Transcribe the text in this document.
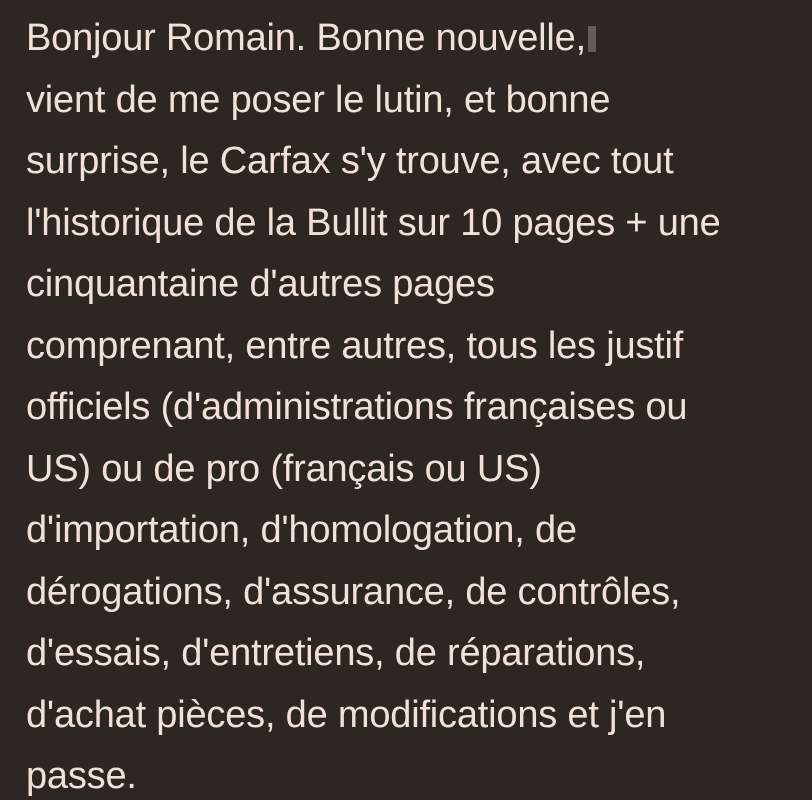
Bonjour Romain. Bonne nouvelle,
vient de me poser le lutin, et bonne
surprise, le Carfax s'y trouve, avec tout
l'historique de la Bullit sur 10 pages + une
cinquantaine d'autres pages
comprenant, entre autres, tous les justif
officiels (d'administrations françaises ou
US) ou de pro (français ou US)
d'importation, d'homologation, de
dérogations, d'assurance, de contrôles,
d'essais, d'entretiens, de réparations,
d'achat pièces, de modifications et j'en
passe.
